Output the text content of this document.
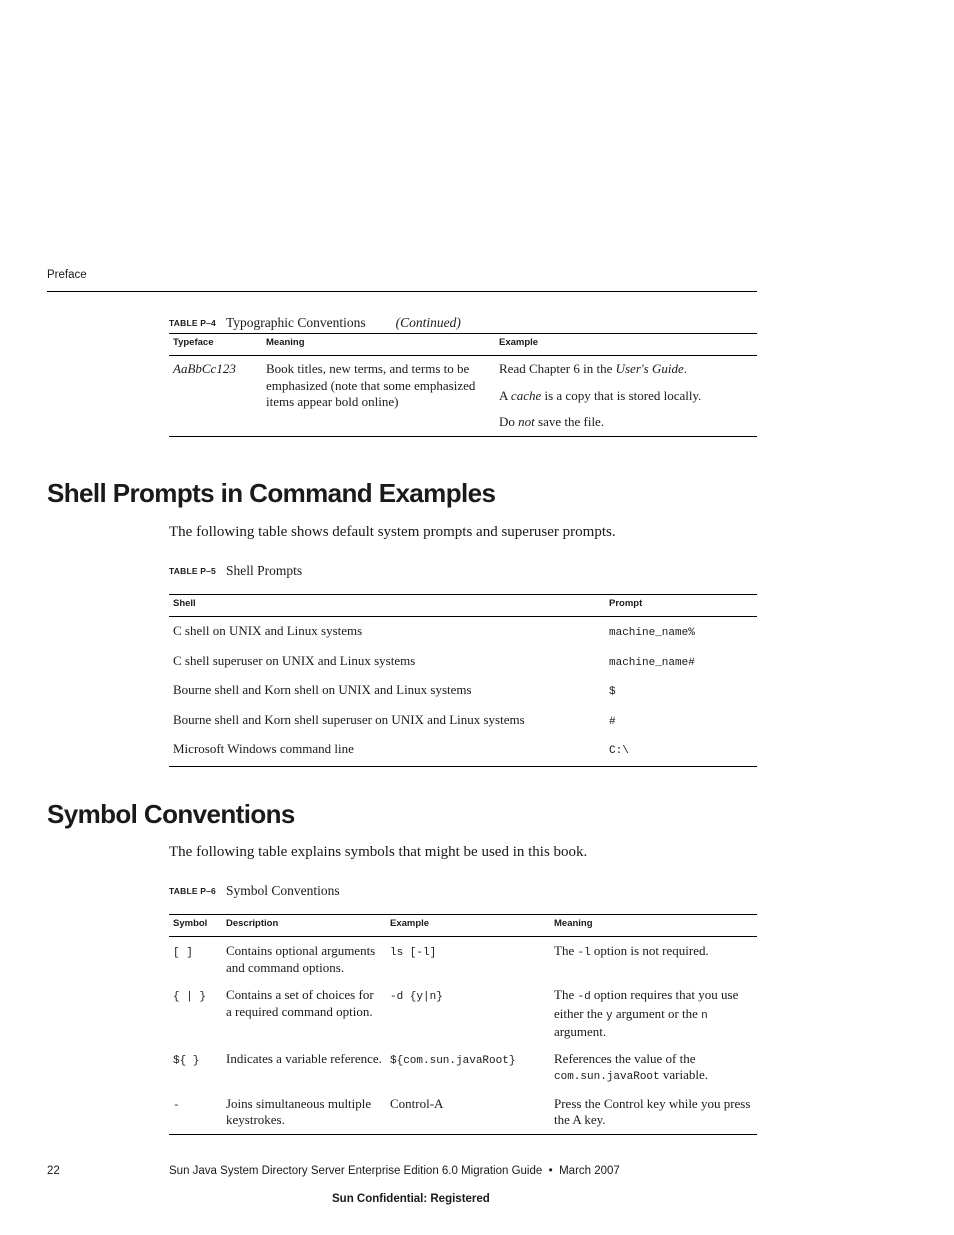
Preface
TABLE P–4 Typographic Conventions (Continued)
Typeface	Meaning	Example
AaBbCc123	Book titles, new terms, and terms to be emphasized (note that some emphasized items appear bold online)	Read Chapter 6 in the User's Guide.

A cache is a copy that is stored locally.

Do not save the file.

Shell Prompts in Command Examples
The following table shows default system prompts and superuser prompts.
TABLE P–5 Shell Prompts
Shell	Prompt
C shell on UNIX and Linux systems	machine_name%
C shell superuser on UNIX and Linux systems	machine_name#
Bourne shell and Korn shell on UNIX and Linux systems	$
Bourne shell and Korn shell superuser on UNIX and Linux systems	#
Microsoft Windows command line	C:\
Symbol Conventions
The following table explains symbols that might be used in this book.
TABLE P–6 Symbol Conventions
Symbol	Description	Example	Meaning
[ ]	Contains optional arguments and command options.	ls [-l]	The -l option is not required.
{ | }	Contains a set of choices for a required command option.	-d {y|n}	The -d option requires that you use either the y argument or the n argument.
${ }	Indicates a variable reference.	${com.sun.javaRoot}	References the value of the com.sun.javaRoot variable.
-	Joins simultaneous multiple keystrokes.	Control-A	Press the Control key while you press the A key.
22	Sun Java System Directory Server Enterprise Edition 6.0 Migration Guide • March 2007
Sun Confidential: Registered
